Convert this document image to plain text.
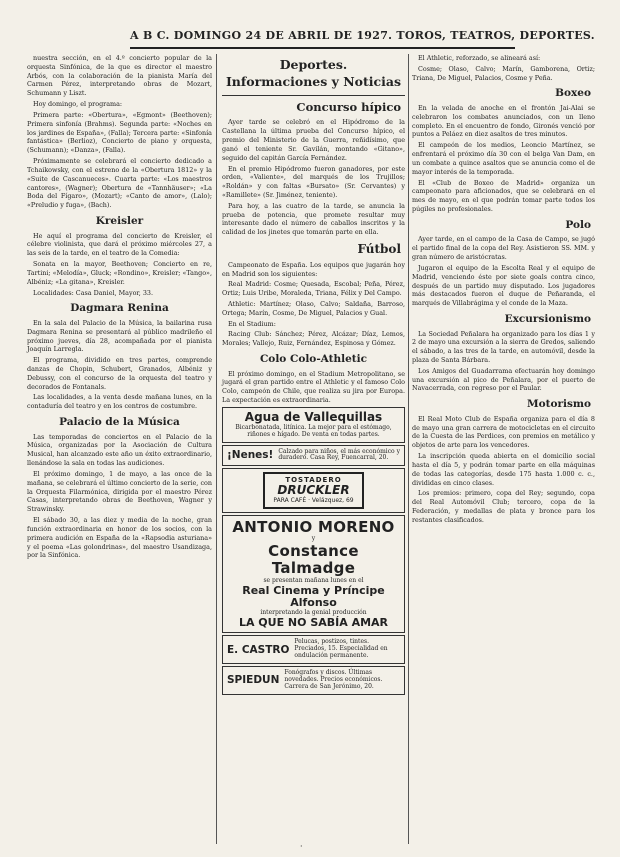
A B C. DOMINGO 24 DE ABRIL DE 1927. TOROS, TEATROS, DEPORTES.

nuestra sección, en el 4.º concierto popular de la orquesta Sinfónica, de la que es director el maestro Arbós, con la colaboración de la pianista María del Carmen Pérez, interpretando obras de Mozart, Schumann y Liszt.

Hoy domingo, el programa:

Primera parte: «Obertura», «Egmont» (Beethoven); Primera sinfonía (Brahms). Segunda parte: «Noches en los jardines de España», (Falla); Tercera parte: «Sinfonía fantástica» (Berlioz), Concierto de piano y orquesta, (Schumann); «Danza», (Falla).

Próximamente se celebrará el concierto dedicado a Tchaikowsky, con el estreno de la «Obertura 1812» y la «Suite de Cascanueces». Cuarta parte: «Los maestros cantores», (Wagner); Obertura de «Tannhäuser»; «La Boda del Fígaro», (Mozart); «Canto de amor», (Lalo); «Preludio y fuga», (Bach).

Kreisler

He aquí el programa del concierto de Kreisler, el célebre violinista, que dará el próximo miércoles 27, a las seis de la tarde, en el teatro de la Comedia:

Sonata en la mayor, Beethoven; Concierto en re, Tartini; «Melodía», Gluck; «Rondino», Kreisler; «Tango», Albéniz; «La gitana», Kreisler.

Localidades: Casa Daniel, Mayor, 33.

Dagmara Renina

En la sala del Palacio de la Música, la bailarina rusa Dagmara Renina se presentará al público madrileño el próximo jueves, día 28, acompañada por el pianista Joaquín Larregla.

El programa, dividido en tres partes, comprende danzas de Chopin, Schubert, Granados, Albéniz y Debussy, con el concurso de la orquesta del teatro y decorados de Fontanals.

Las localidades, a la venta desde mañana lunes, en la contaduría del teatro y en los centros de costumbre.

Palacio de la Música

Las temporadas de conciertos en el Palacio de la Música, organizadas por la Asociación de Cultura Musical, han alcanzado este año un éxito extraordinario, llenándose la sala en todas las audiciones.

El próximo domingo, 1 de mayo, a las once de la mañana, se celebrará el último concierto de la serie, con la Orquesta Filarmónica, dirigida por el maestro Pérez Casas, interpretando obras de Beethoven, Wagner y Strawinsky.

El sábado 30, a las diez y media de la noche, gran función extraordinaria en honor de los socios, con la primera audición en España de la «Rapsodia asturiana» y el poema «Las golondrinas», del maestro Usandizaga, por la Sinfónica.

Deportes.
Informaciones y Noticias
Concurso hípico

Ayer tarde se celebró en el Hipódromo de la Castellana la última prueba del Concurso hípico, el premio del Ministerio de la Guerra, reñidísimo, que ganó el teniente Sr. Gavilán, montando «Gitano», seguido del capitán García Fernández.

En el premio Hipódromo fueron ganadores, por este orden, «Valiente», del marqués de los Trujillos; «Roldán» y con faltas «Bursato» (Sr. Cervantes) y «Ramillete» (Sr. Jiménez, teniente).

Para hoy, a las cuatro de la tarde, se anuncia la prueba de potencia, que promete resultar muy interesante dado el número de caballos inscritos y la calidad de los jinetes que tomarán parte en ella.

Fútbol

Campeonato de España. Los equipos que jugarán hoy en Madrid son los siguientes:

Real Madrid: Cosme; Quesada, Escobal; Peña, Pérez, Ortiz; Luis Uribe, Moraleda, Triana, Félix y Del Campo.

Athletic: Martínez; Olaso, Calvo; Saldaña, Barroso, Ortega; Marín, Cosme, De Miguel, Palacios y Gual.

En el Stadium:

Racing Club: Sánchez; Pérez, Alcázar; Díaz, Lemos, Morales; Vallejo, Ruiz, Fernández, Espinosa y Gómez.

Colo Colo-Athletic

El próximo domingo, en el Stadium Metropolitano, se jugará el gran partido entre el Athletic y el famoso Colo Colo, campeón de Chile, que realiza su jira por Europa. La expectación es extraordinaria.

Agua de Vallequillas
Bicarbonatada, litínica. La mejor para el estómago, riñones e hígado. De venta en todas partes.
¡Nenes! Calzado para niños, el más económico y duradero. Casa Rey, Fuencarral, 20.
TOSTADERO
DRUCKLER
PARA CAFÉ · Velázquez, 69
ANTONIO MORENO
y
Constance Talmadge
se presentan mañana lunes en el
Real Cinema y Príncipe Alfonso
interpretando la genial producción
LA QUE NO SABÍA AMAR
E. CASTRO
Pelucas, postizos, tintes. Preciados, 15. Especialidad en ondulación permanente.
SPIEDUN
Fonógrafos y discos. Últimas novedades. Precios económicos. Carrera de San Jerónimo, 20.

El Athletic, reforzado, se alineará así:

Cosme; Olaso, Calvo; Marín, Gamborena, Ortiz; Triana, De Miguel, Palacios, Cosme y Peña.

Boxeo

En la velada de anoche en el frontón Jai-Alai se celebraron los combates anunciados, con un lleno completo. En el encuentro de fondo, Gironés venció por puntos a Peláez en diez asaltos de tres minutos.

El campeón de los medios, Leoncio Martínez, se enfrentará el próximo día 30 con el belga Van Dam, en un combate a quince asaltos que se anuncia como el de mayor interés de la temporada.

El «Club de Boxeo de Madrid» organiza un campeonato para aficionados, que se celebrará en el mes de mayo, en el que podrán tomar parte todos los púgiles no profesionales.

Polo

Ayer tarde, en el campo de la Casa de Campo, se jugó el partido final de la copa del Rey. Asistieron SS. MM. y gran número de aristócratas.

Jugaron el equipo de la Escolta Real y el equipo de Madrid, venciendo éste por siete goals contra cinco, después de un partido muy disputado. Los jugadores más destacados fueron el duque de Peñaranda, el marqués de Villabrágima y el conde de la Maza.

Excursionismo

La Sociedad Peñalara ha organizado para los días 1 y 2 de mayo una excursión a la sierra de Gredos, saliendo el sábado, a las tres de la tarde, en automóvil, desde la plaza de Santa Bárbara.

Los Amigos del Guadarrama efectuarán hoy domingo una excursión al pico de Peñalara, por el puerto de Navacerrada, con regreso por el Paular.

Motorismo

El Real Moto Club de España organiza para el día 8 de mayo una gran carrera de motocicletas en el circuito de la Cuesta de las Perdices, con premios en metálico y objetos de arte para los vencedores.

La inscripción queda abierta en el domicilio social hasta el día 5, y podrán tomar parte en ella máquinas de todas las categorías, desde 175 hasta 1.000 c. c., divididas en cinco clases.

Los premios: primero, copa del Rey; segundo, copa del Real Automóvil Club; tercero, copa de la Federación, y medallas de plata y bronce para los restantes clasificados.

·
